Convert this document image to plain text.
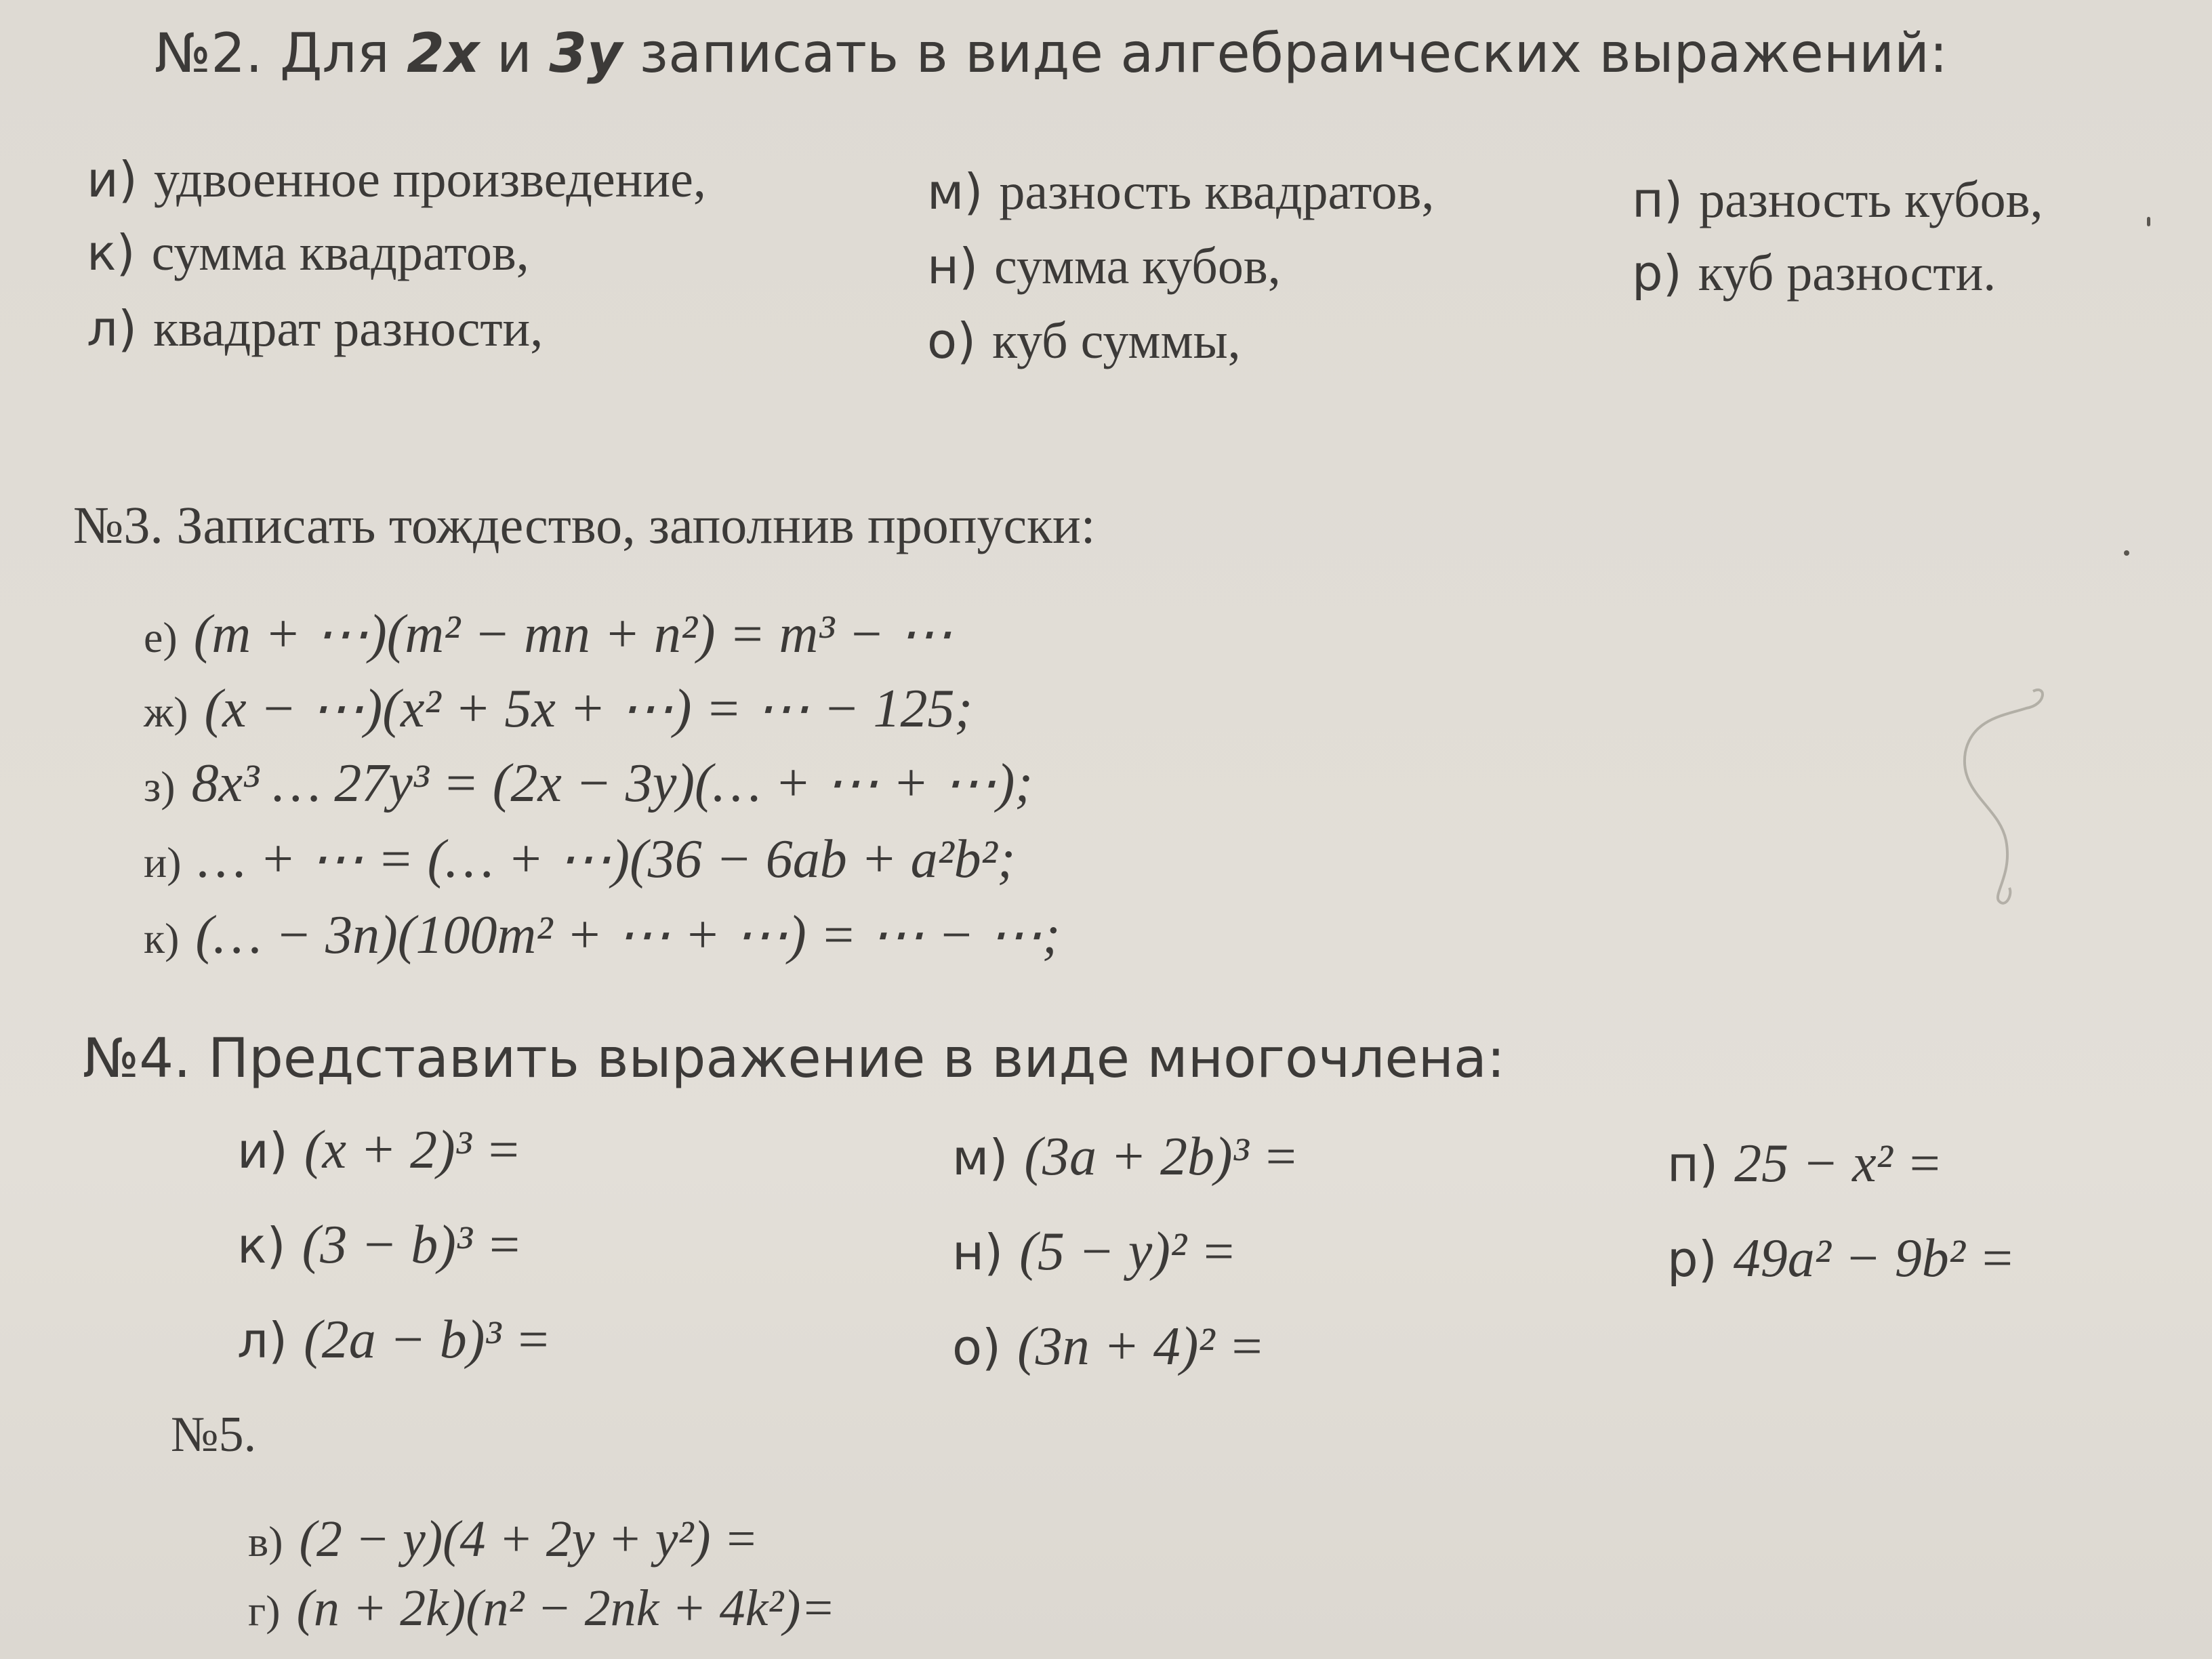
№2. Для 2x и 3y записать в виде алгебраических выражений:
и) удвоенное произведение,
к) сумма квадратов,
л) квадрат разности,
м) разность квадратов,
н) сумма кубов,
о) куб суммы,
п) разность кубов,
р) куб разности.
№3. Записать тождество, заполнив пропуски:
е) (m + ⋯)(m² − mn + n²) = m³ − ⋯
ж) (x − ⋯)(x² + 5x + ⋯) = ⋯ − 125;
з) 8x³ … 27y³ = (2x − 3y)(… + ⋯ + ⋯);
и) … + ⋯ = (… + ⋯)(36 − 6ab + a²b²;
к) (… − 3n)(100m² + ⋯ + ⋯) = ⋯ − ⋯;
№4. Представить выражение в виде многочлена:
и) (x + 2)³ =
к) (3 − b)³ =
л) (2a − b)³ =
м) (3a + 2b)³ =
н) (5 − y)² =
о) (3n + 4)² =
п) 25 − x² =
р) 49a² − 9b² =
№5.
в) (2 − y)(4 + 2y + y²) =
г) (n + 2k)(n² − 2nk + 4k²)=
